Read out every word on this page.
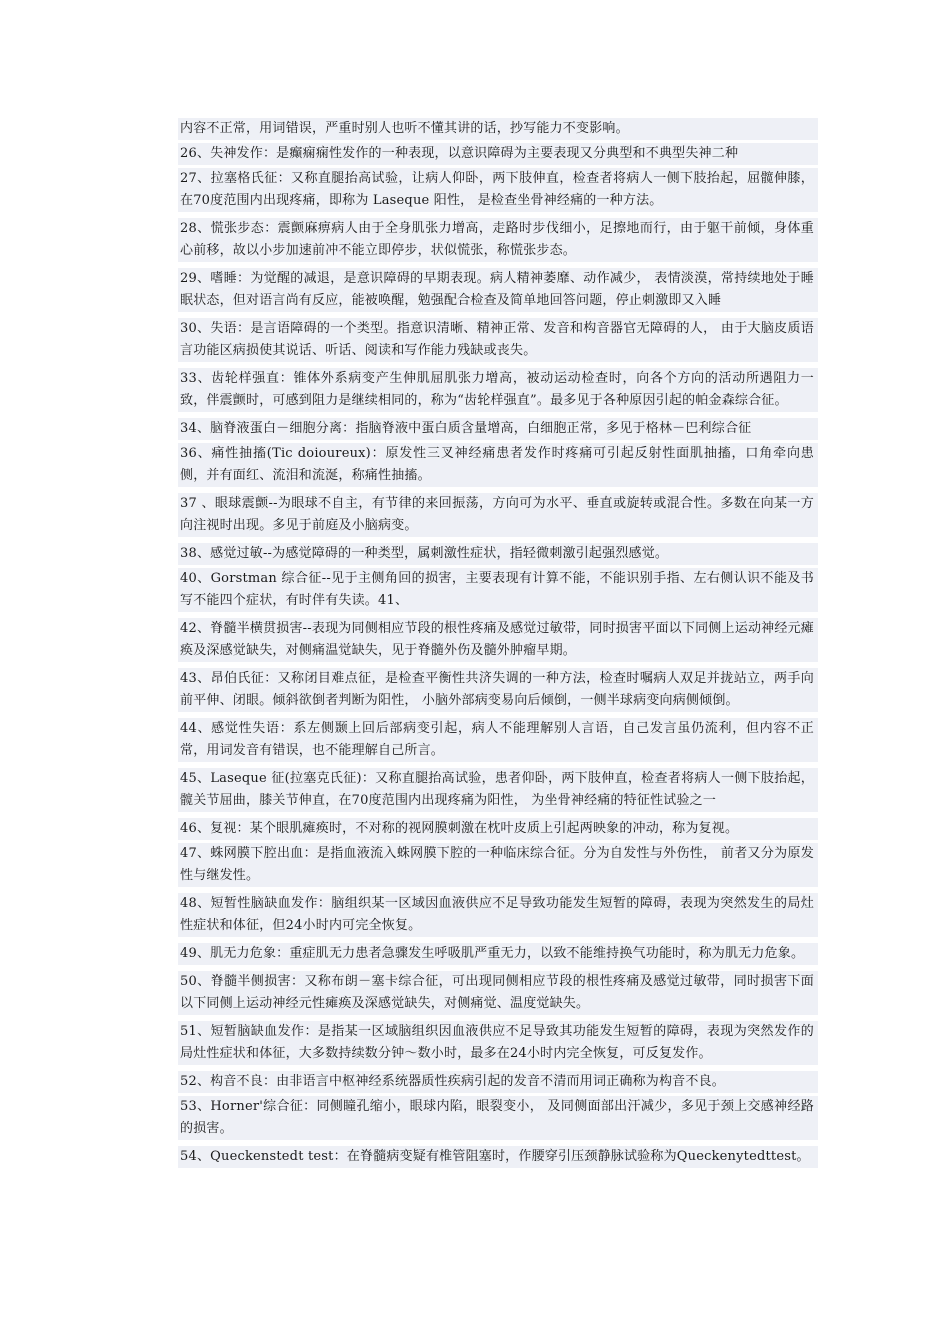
内容不正常，用词错误，严重时别人也听不懂其讲的话，抄写能力不变影响。
26、失神发作：是癫痫痫性发作的一种表现，以意识障碍为主要表现又分典型和不典型失神二种
27、拉塞格氏征：又称直腿抬高试验，让病人仰卧，两下肢伸直，检查者将病人一侧下肢抬起，屈髋伸膝，在70度范围内出现疼痛，即称为 Laseque 阳性， 是检查坐骨神经痛的一种方法。
28、慌张步态：震颤麻痹病人由于全身肌张力增高，走路时步伐细小，足擦地而行，由于躯干前倾，身体重心前移，故以小步加速前冲不能立即停步，状似慌张，称慌张步态。
29、嗜睡：为觉醒的减退，是意识障碍的早期表现。病人精神萎靡、动作减少， 表情淡漠，常持续地处于睡眠状态，但对语言尚有反应，能被唤醒，勉强配合检查及简单地回答问题，停止刺激即又入睡
30、失语：是言语障碍的一个类型。指意识清晰、精神正常、发音和构音器官无障碍的人， 由于大脑皮质语言功能区病损使其说话、听话、阅读和写作能力残缺或丧失。
33、齿轮样强直：锥体外系病变产生伸肌屈肌张力增高，被动运动检查时，向各个方向的活动所遇阻力一致，伴震颤时，可感到阻力是继续相同的，称为“齿轮样强直”。最多见于各种原因引起的帕金森综合征。
34、脑脊液蛋白－细胞分离：指脑脊液中蛋白质含量增高，白细胞正常，多见于格林－巴利综合征
36、痛性抽搐(Tic doioureux)：原发性三叉神经痛患者发作时疼痛可引起反射性面肌抽搐，口角牵向患侧，并有面红、流泪和流涎，称痛性抽搐。
37 、眼球震颤--为眼球不自主，有节律的来回振荡，方向可为水平、垂直或旋转或混合性。多数在向某一方向注视时出现。多见于前庭及小脑病变。
38、感觉过敏--为感觉障碍的一种类型，属刺激性症状，指轻微刺激引起强烈感觉。
40、Gorstman 综合征--见于主侧角回的损害，主要表现有计算不能，不能识别手指、左右侧认识不能及书写不能四个症状，有时伴有失读。41、
42、脊髓半横贯损害--表现为同侧相应节段的根性疼痛及感觉过敏带，同时损害平面以下同侧上运动神经元瘫痪及深感觉缺失，对侧痛温觉缺失，见于脊髓外伤及髓外肿瘤早期。
43、昂伯氏征：又称闭目难点征，是检查平衡性共济失调的一种方法，检查时嘱病人双足并拢站立，两手向前平伸、闭眼。倾斜欲倒者判断为阳性， 小脑外部病变易向后倾倒，一侧半球病变向病侧倾倒。
44、感觉性失语：系左侧颞上回后部病变引起，病人不能理解别人言语，自己发言虽仍流利，但内容不正常，用词发音有错误，也不能理解自己所言。
45、Laseque 征(拉塞克氏征)：又称直腿抬高试验，患者仰卧，两下肢伸直，检查者将病人一侧下肢抬起，髋关节屈曲，膝关节伸直，在70度范围内出现疼痛为阳性， 为坐骨神经痛的特征性试验之一
46、复视：某个眼肌瘫痪时，不对称的视网膜刺激在枕叶皮质上引起两映象的冲动，称为复视。
47、蛛网膜下腔出血：是指血液流入蛛网膜下腔的一种临床综合征。分为自发性与外伤性， 前者又分为原发性与继发性。
48、短暂性脑缺血发作：脑组织某一区域因血液供应不足导致功能发生短暂的障碍，表现为突然发生的局灶性症状和体征，但24小时内可完全恢复。
49、肌无力危象：重症肌无力患者急骤发生呼吸肌严重无力，以致不能维持换气功能时，称为肌无力危象。
50、脊髓半侧损害：又称布朗－塞卡综合征，可出现同侧相应节段的根性疼痛及感觉过敏带，同时损害下面以下同侧上运动神经元性瘫痪及深感觉缺失，对侧痛觉、温度觉缺失。
51、短暂脑缺血发作：是指某一区域脑组织因血液供应不足导致其功能发生短暂的障碍，表现为突然发作的局灶性症状和体征，大多数持续数分钟～数小时，最多在24小时内完全恢复，可反复发作。
52、构音不良：由非语言中枢神经系统器质性疾病引起的发音不清而用词正确称为构音不良。
53、Horner'综合征：同侧瞳孔缩小，眼球内陷，眼裂变小， 及同侧面部出汗减少，多见于颈上交感神经路的损害。
54、Queckenstedt test：在脊髓病变疑有椎管阻塞时，作腰穿引压颈静脉试验称为Queckenytedttest。
